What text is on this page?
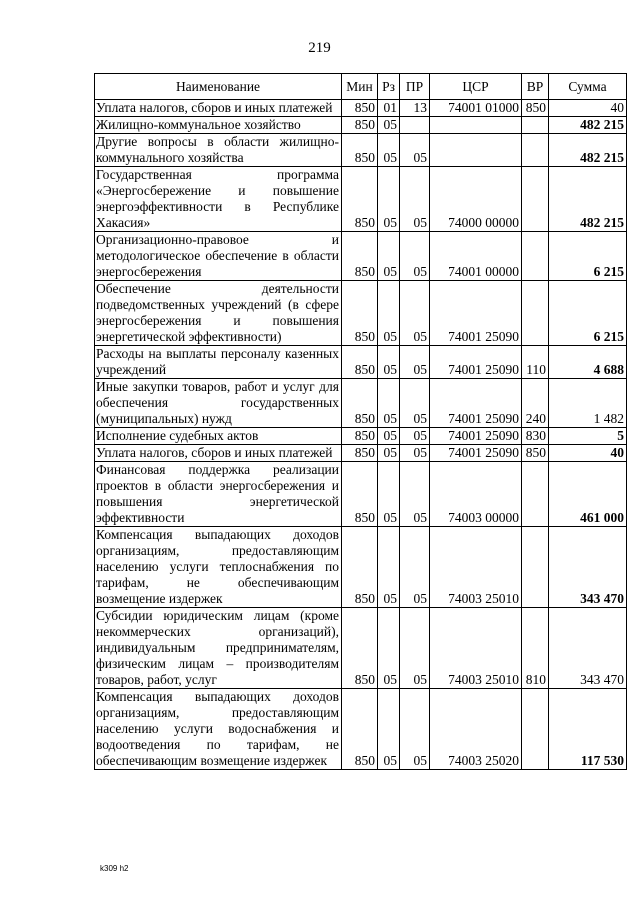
219
Наименование	Мин	Рз	ПР	ЦСР	ВР	Сумма
Уплата налогов, сборов и иных платежей	850	01	13	74001 01000	850	40
Жилищно-коммунальное хозяйство	850	05				482 215
Другие вопросы в области жилищно-коммунального хозяйства	850	05	05			482 215
Государственная программа «Энергосбережение и повышение энергоэффективности в Республике Хакасия»	850	05	05	74000 00000		482 215
Организационно-правовое и методологическое обеспечение в области энергосбережения	850	05	05	74001 00000		6 215
Обеспечение деятельности подведомственных учреждений (в сфере энергосбережения и повышения энергетической эффективности)	850	05	05	74001 25090		6 215
Расходы на выплаты персоналу казенных учреждений	850	05	05	74001 25090	110	4 688
Иные закупки товаров, работ и услуг для обеспечения государственных (муниципальных) нужд	850	05	05	74001 25090	240	1 482
Исполнение судебных актов	850	05	05	74001 25090	830	5
Уплата налогов, сборов и иных платежей	850	05	05	74001 25090	850	40
Финансовая поддержка реализации проектов в области энергосбережения и повышения энергетической эффективности	850	05	05	74003 00000		461 000
Компенсация выпадающих доходов организациям, предоставляющим населению услуги теплоснабжения по тарифам, не обеспечивающим возмещение издержек	850	05	05	74003 25010		343 470
Субсидии юридическим лицам (кроме некоммерческих организаций), индивидуальным предпринимателям, физическим лицам – производителям товаров, работ, услуг	850	05	05	74003 25010	810	343 470
Компенсация выпадающих доходов организациям, предоставляющим населению услуги водоснабжения и водоотведения по тарифам, не обеспечивающим возмещение издержек	850	05	05	74003 25020		117 530
k309 h2
